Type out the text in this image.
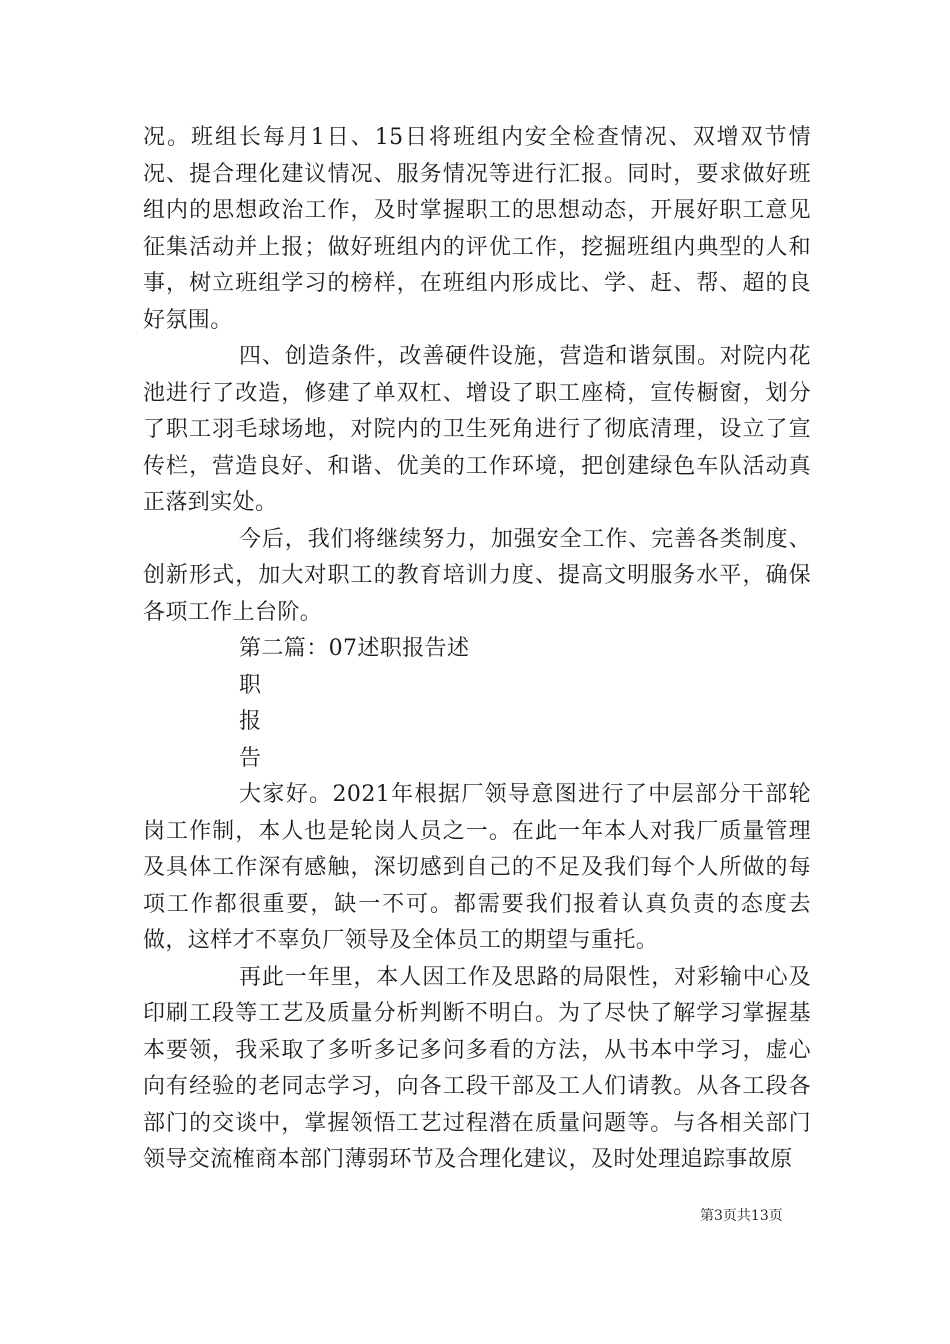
况。班组长每月1日、15日将班组内安全检查情况、双增双节情况、提合理化建议情况、服务情况等进行汇报。同时，要求做好班组内的思想政治工作，及时掌握职工的思想动态，开展好职工意见征集活动并上报；做好班组内的评优工作，挖掘班组内典型的人和事，树立班组学习的榜样，在班组内形成比、学、赶、帮、超的良好氛围。

四、创造条件，改善硬件设施，营造和谐氛围。对院内花池进行了改造，修建了单双杠、增设了职工座椅，宣传橱窗，划分了职工羽毛球场地，对院内的卫生死角进行了彻底清理，设立了宣传栏，营造良好、和谐、优美的工作环境，把创建绿色车队活动真正落到实处。

今后，我们将继续努力，加强安全工作、完善各类制度、创新形式，加大对职工的教育培训力度、提高文明服务水平，确保各项工作上台阶。

第二篇：07述职报告述

职

报

告

大家好。2021年根据厂领导意图进行了中层部分干部轮岗工作制，本人也是轮岗人员之一。在此一年本人对我厂质量管理及具体工作深有感触，深切感到自己的不足及我们每个人所做的每项工作都很重要，缺一不可。都需要我们报着认真负责的态度去做，这样才不辜负厂领导及全体员工的期望与重托。

再此一年里，本人因工作及思路的局限性，对彩输中心及印刷工段等工艺及质量分析判断不明白。为了尽快了解学习掌握基本要领，我采取了多听多记多问多看的方法，从书本中学习，虚心向有经验的老同志学习，向各工段干部及工人们请教。从各工段各部门的交谈中，掌握领悟工艺过程潜在质量问题等。与各相关部门领导交流榷商本部门薄弱环节及合理化建议，及时处理追踪事故原

第3页共13页
